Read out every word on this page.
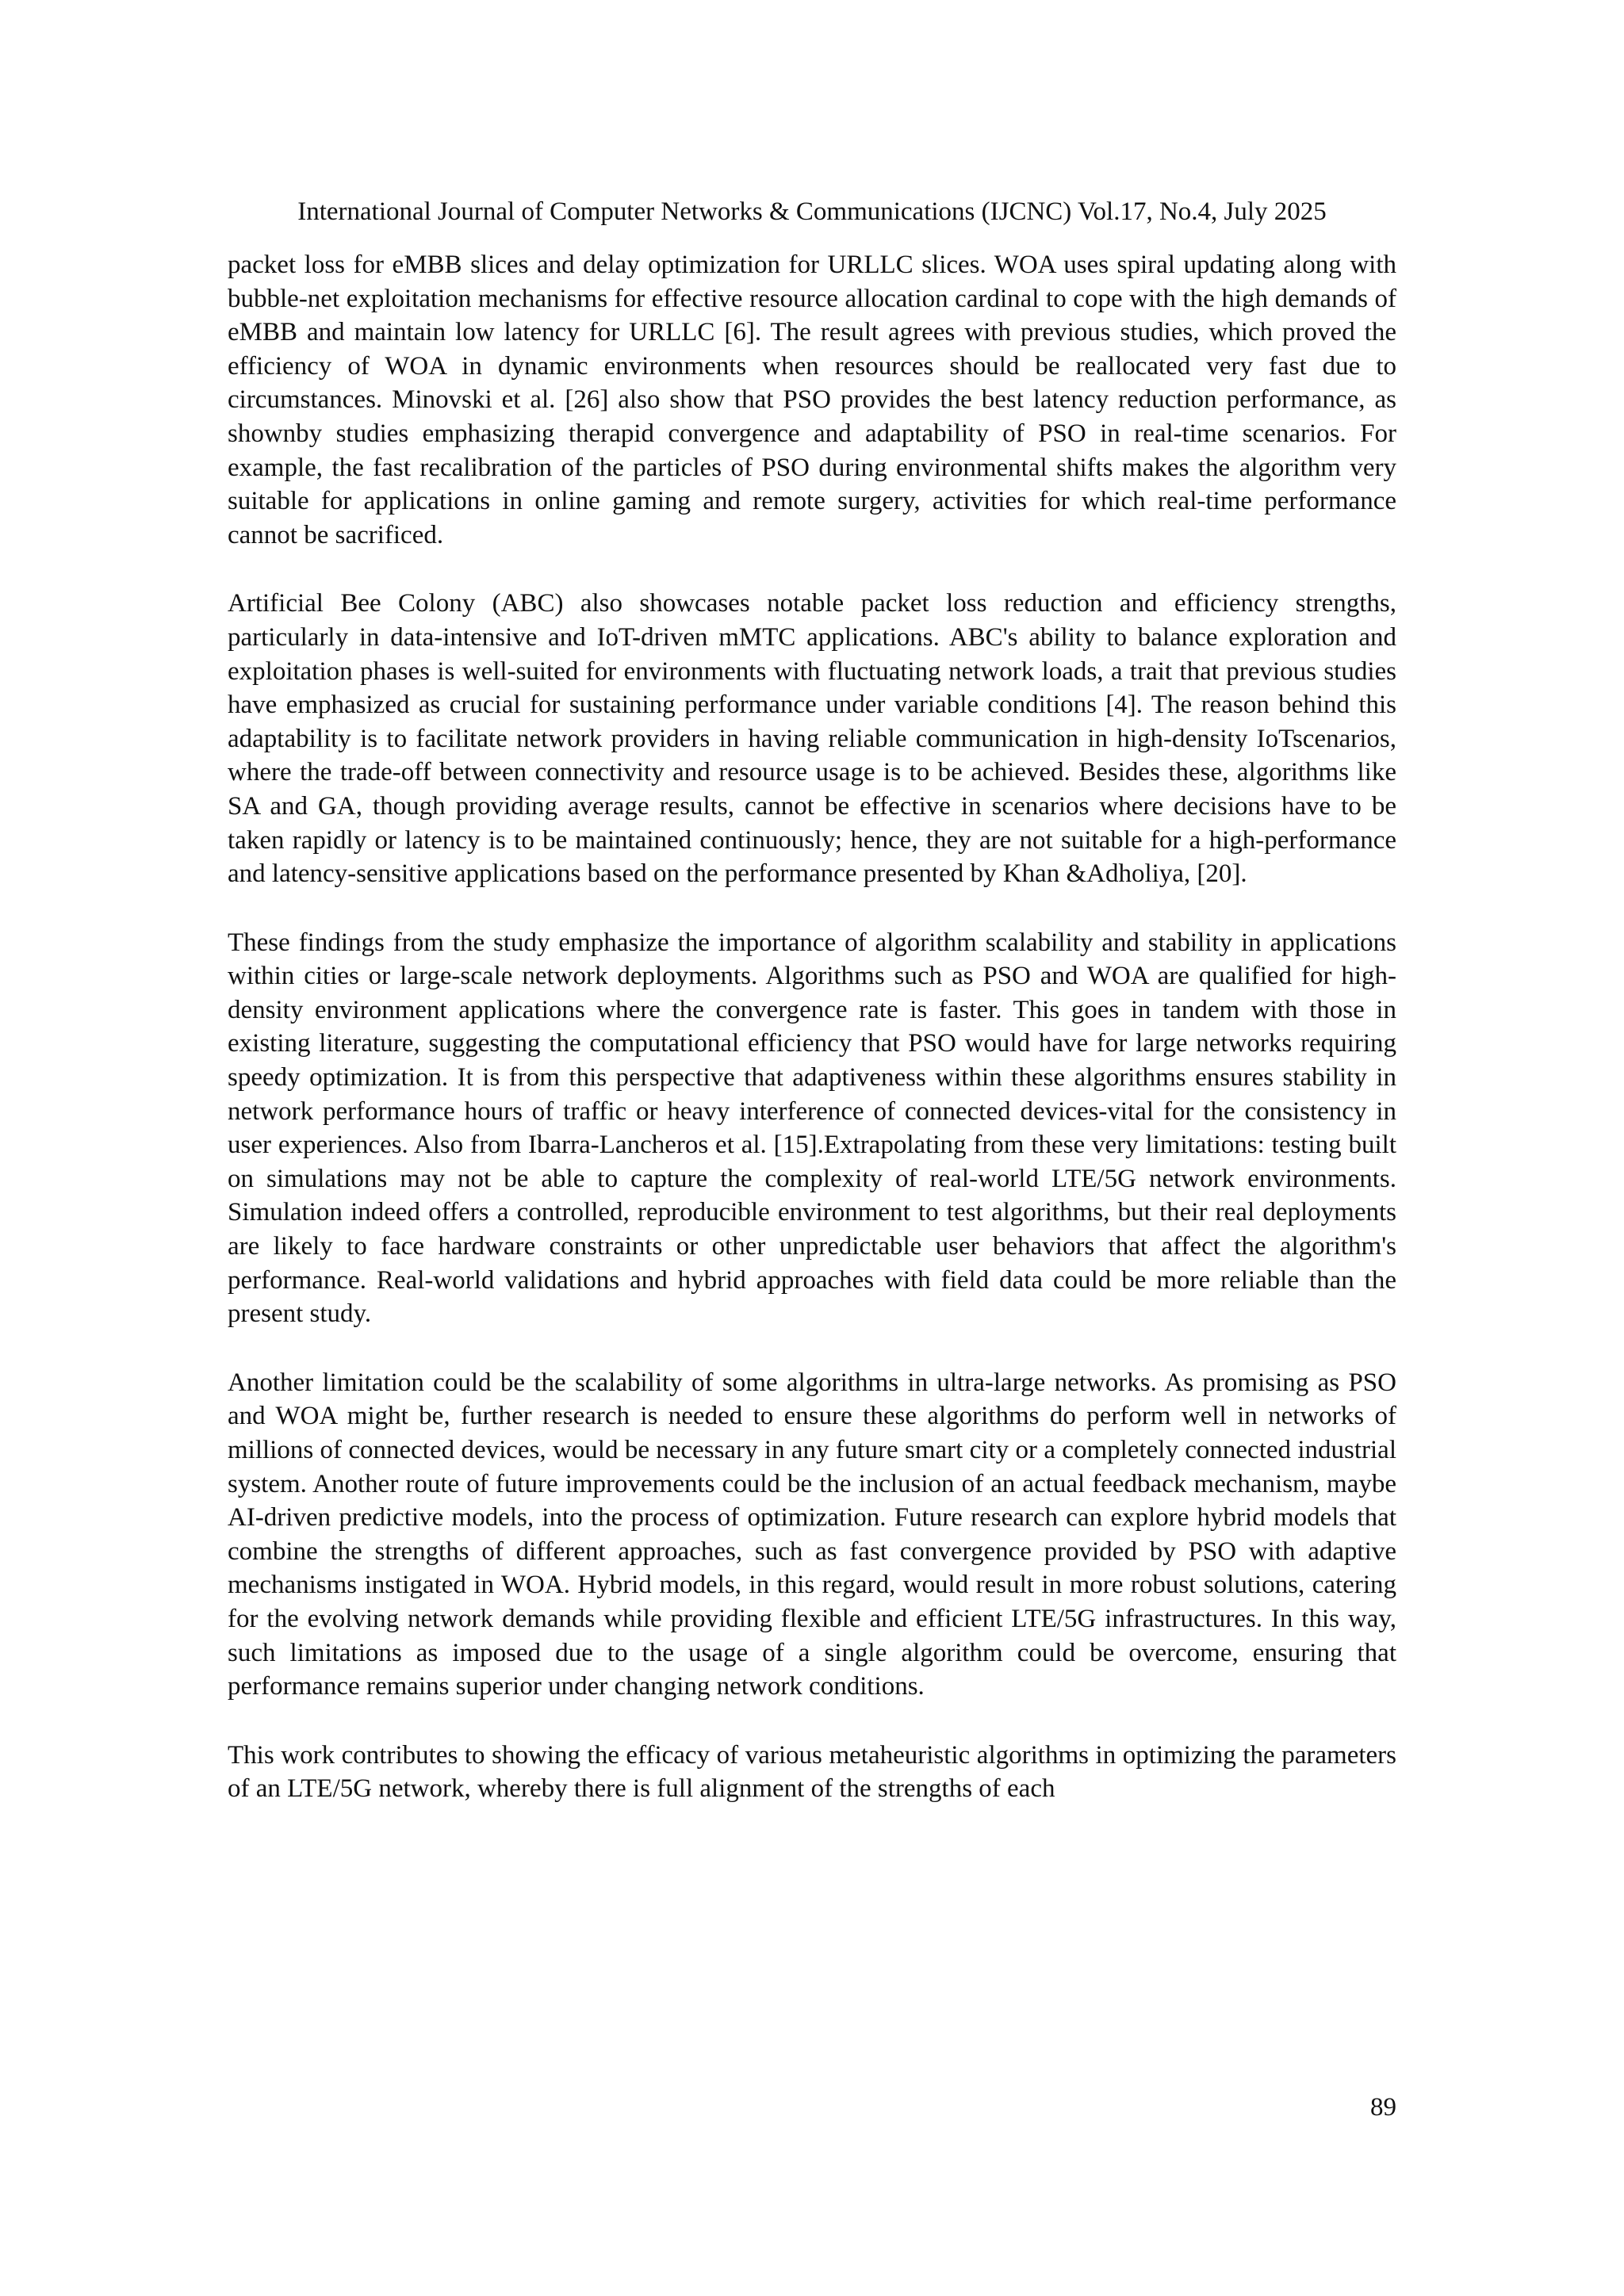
International Journal of Computer Networks & Communications (IJCNC) Vol.17, No.4, July 2025

packet loss for eMBB slices and delay optimization for URLLC slices. WOA uses spiral updating along with bubble-net exploitation mechanisms for effective resource allocation cardinal to cope with the high demands of eMBB and maintain low latency for URLLC [6]. The result agrees with previous studies, which proved the efficiency of WOA in dynamic environments when resources should be reallocated very fast due to circumstances. Minovski et al. [26] also show that PSO provides the best latency reduction performance, as shownby studies emphasizing therapid convergence and adaptability of PSO in real-time scenarios. For example, the fast recalibration of the particles of PSO during environmental shifts makes the algorithm very suitable for applications in online gaming and remote surgery, activities for which real-time performance cannot be sacrificed.

Artificial Bee Colony (ABC) also showcases notable packet loss reduction and efficiency strengths, particularly in data-intensive and IoT-driven mMTC applications. ABC's ability to balance exploration and exploitation phases is well-suited for environments with fluctuating network loads, a trait that previous studies have emphasized as crucial for sustaining performance under variable conditions [4]. The reason behind this adaptability is to facilitate network providers in having reliable communication in high-density IoTscenarios, where the trade-off between connectivity and resource usage is to be achieved. Besides these, algorithms like SA and GA, though providing average results, cannot be effective in scenarios where decisions have to be taken rapidly or latency is to be maintained continuously; hence, they are not suitable for a high-performance and latency-sensitive applications based on the performance presented by Khan &Adholiya, [20].

These findings from the study emphasize the importance of algorithm scalability and stability in applications within cities or large-scale network deployments. Algorithms such as PSO and WOA are qualified for high-density environment applications where the convergence rate is faster. This goes in tandem with those in existing literature, suggesting the computational efficiency that PSO would have for large networks requiring speedy optimization. It is from this perspective that adaptiveness within these algorithms ensures stability in network performance hours of traffic or heavy interference of connected devices-vital for the consistency in user experiences. Also from Ibarra-Lancheros et al. [15].Extrapolating from these very limitations: testing built on simulations may not be able to capture the complexity of real-world LTE/5G network environments. Simulation indeed offers a controlled, reproducible environment to test algorithms, but their real deployments are likely to face hardware constraints or other unpredictable user behaviors that affect the algorithm's performance. Real-world validations and hybrid approaches with field data could be more reliable than the present study.

Another limitation could be the scalability of some algorithms in ultra-large networks. As promising as PSO and WOA might be, further research is needed to ensure these algorithms do perform well in networks of millions of connected devices, would be necessary in any future smart city or a completely connected industrial system. Another route of future improvements could be the inclusion of an actual feedback mechanism, maybe AI-driven predictive models, into the process of optimization. Future research can explore hybrid models that combine the strengths of different approaches, such as fast convergence provided by PSO with adaptive mechanisms instigated in WOA. Hybrid models, in this regard, would result in more robust solutions, catering for the evolving network demands while providing flexible and efficient LTE/5G infrastructures. In this way, such limitations as imposed due to the usage of a single algorithm could be overcome, ensuring that performance remains superior under changing network conditions.

This work contributes to showing the efficacy of various metaheuristic algorithms in optimizing the parameters of an LTE/5G network, whereby there is full alignment of the strengths of each

89
